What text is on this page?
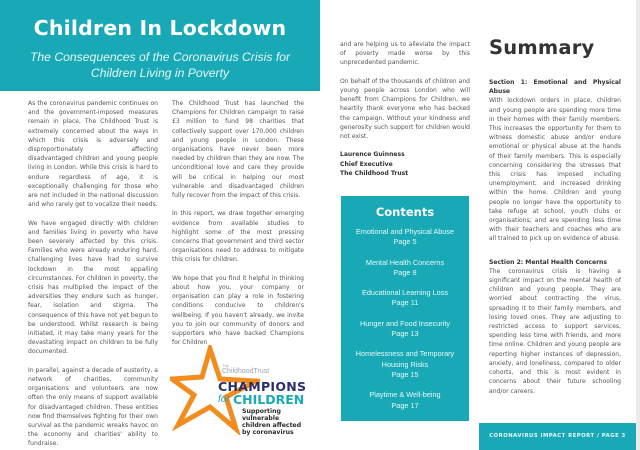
Children In Lockdown
The Consequences of the Coronavirus Crisis for Children Living in Poverty

As the coronavirus pandemic continues on and the government-imposed measures remain in place, The Childhood Trust is extremely concerned about the ways in which this crisis is adversely and disproportionately affecting disadvantaged children and young people living in London. While this crisis is hard to endure regardless of age, it is exceptionally challenging for those who are not included in the national discussion and who rarely get to vocalize their needs.

We have engaged directly with children and families living in poverty who have been severely affected by this crisis. Families who were already enduring hard, challenging lives have had to survive lockdown in the most appalling circumstances. For children in poverty, the crisis has multiplied the impact of the adversities they endure such as hunger, fear, isolation and stigma. The consequence of this have not yet begun to be understood. Whilst research is being initiated, it may take many years for the devastating impact on children to be fully documented.

In parallel, against a decade of austerity, a network of charities, community organisations and volunteers are now often the only means of support available for disadvantaged children. These entities now find themselves fighting for their own survival as the pandemic wreaks havoc on the economy and charities' ability to fundraise.

The Childhood Trust has launched the Champions for Children campaign to raise £3 million to fund 98 charities that collectively support over 170,000 children and young people in London. These organisations have never been more needed by children than they are now. The unconditional love and care they provide will be critical in helping our most vulnerable and disadvantaged children fully recover from the impact of this crisis.

In this report, we draw together emerging evidence from available studies to highlight some of the most pressing concerns that government and third sector organisations need to address to mitigate this crisis for children.

We hope that you find it helpful in thinking about how you, your company or organisation can play a role in fostering conditions conducive to children's wellbeing. If you haven't already, we invite you to join our community of donors and supporters who have backed Champions for Children

The
ChildhoodTrust
CHAMPIONS
for CHILDREN
Supporting vulnerable
children affected
by coronavirus

and are helping us to alleviate the impact of poverty made worse by this unprecedented pandemic.

On behalf of the thousands of children and young people across London who will benefit from Champions for Children, we heartily thank everyone who has backed the campaign. Without your kindness and generosity such support for children would not exist.

Laurence Guinness
Chief Executive
The Childhood Trust

Contents
Emotional and Physical Abuse
Page 5
Mental Health Concerns
Page 8
Educational Learning Loss
Page 11
Hunger and Food Insecurity
Page 13
Homelessness and Temporary Housing Risks
Page 15
Playtime & Well-being
Page 17
Summary

Section 1: Emotional and Physical Abuse
With lockdown orders in place, children and young people are spending more time in their homes with their family members. This increases the opportunity for them to witness domestic abuse and/or endure emotional or physical abuse at the hands of their family members. This is especially concerning considering the stresses that this crisis has imposed including unemployment, and increased drinking within the home. Children and young people no longer have the opportunity to take refuge at school, youth clubs or organisations; and are spending less time with their teachers and coaches who are all trained to pick up on evidence of abuse.

Section 2: Mental Health Concerns
The coronavirus crisis is having a significant impact on the mental health of children and young people. They are worried about contracting the virus, spreading it to their family members, and losing loved ones. They are adjusting to restricted access to support services, spending less time with friends, and more time online. Children and young people are reporting higher instances of depression, anxiety, and loneliness, compared to older cohorts, and this is most evident in concerns about their future schooling and/or careers.

CORONAVIRUS IMPACT REPORT / PAGE 3
